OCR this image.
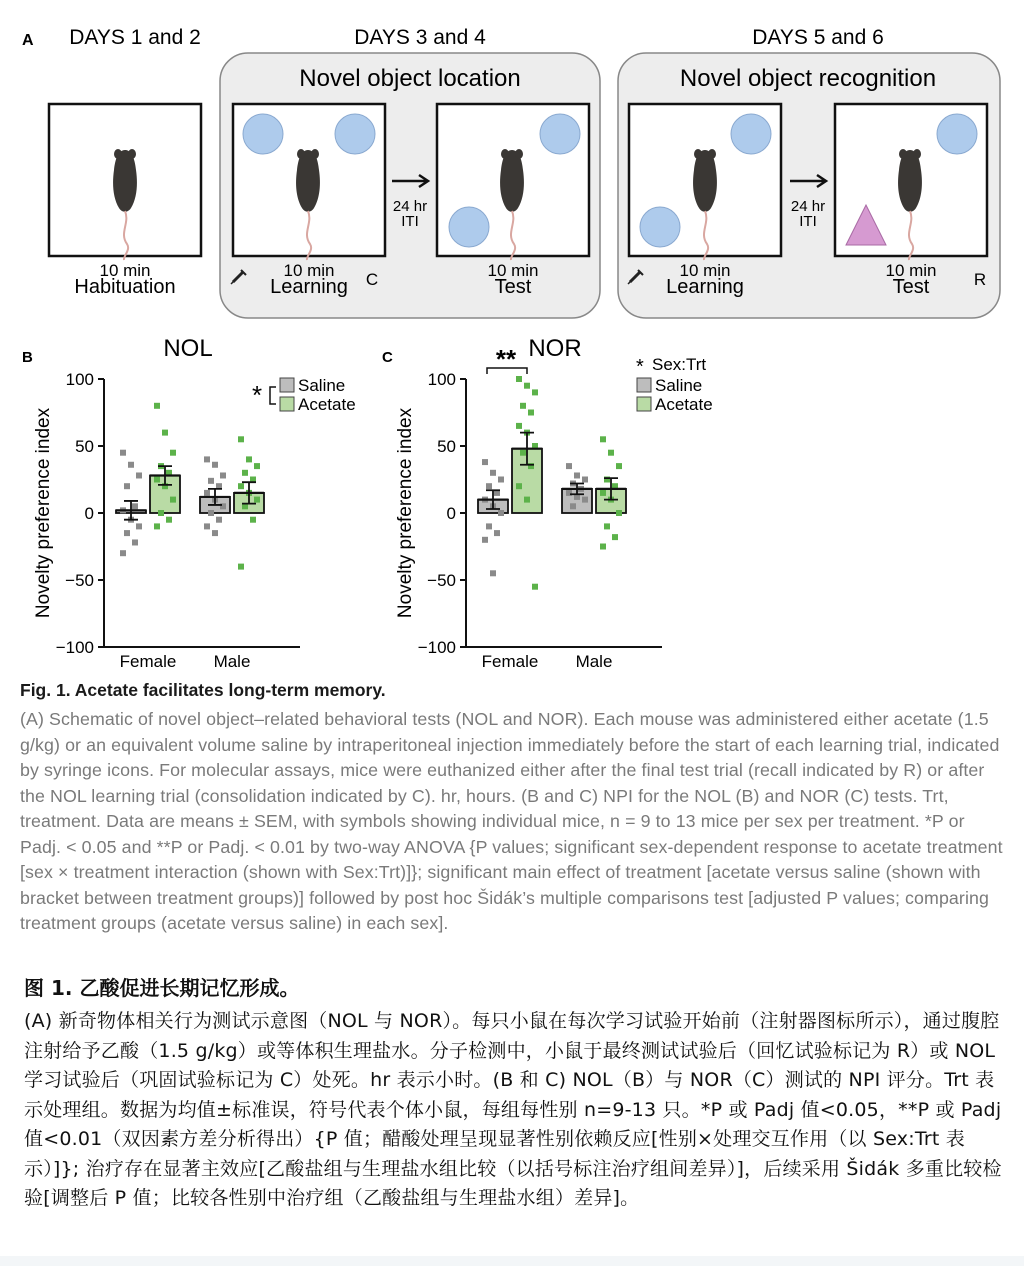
A DAYS 1 and 2	DAYS 3 and 4	DAYS 5 and 6
10 min
Habituation
Novel object location
10 min
Learning C
24 hr
ITI
10 min
Test
Novel object recognition
10 min
Learning
24 hr
ITI
10 min
Test	R
B	NOL
100
50
0
−50
−100
Novelty preference index
Female Male
* Saline
Acetate
C	NOR
**
100
50
0
−50
−100
Novelty preference index
Female Male
* Sex:Trt
Saline
Acetate
Fig. 1. Acetate facilitates long-term memory.
(A) Schematic of novel object–related behavioral tests (NOL and NOR). Each mouse was administered either acetate (1.5 g/kg) or an equivalent volume saline by intraperitoneal injection immediately before the start of each learning trial, indicated by syringe icons. For molecular assays, mice were euthanized either after the final test trial (recall indicated by R) or after the NOL learning trial (consolidation indicated by C). hr, hours. (B and C) NPI for the NOL (B) and NOR (C) tests. Trt, treatment. Data are means ± SEM, with symbols showing individual mice, n = 9 to 13 mice per sex per treatment. *P or Padj. < 0.05 and **P or Padj. < 0.01 by two-way ANOVA {P values; significant sex-dependent response to acetate treatment [sex × treatment interaction (shown with Sex:Trt)]}; significant main effect of treatment [acetate versus saline (shown with bracket between treatment groups)] followed by post hoc Šidák’s multiple comparisons test [adjusted P values; comparing treatment groups (acetate versus saline) in each sex].
图 1. 乙酸促进长期记忆形成。
(A) 新奇物体相关行为测试示意图（NOL 与 NOR）。每只小鼠在每次学习试验开始前（注射器图标所示），通过腹腔注射给予乙酸（1.5 g/kg）或等体积生理盐水。分子检测中，小鼠于最终测试试验后（回忆试验标记为 R）或 NOL 学习试验后（巩固试验标记为 C）处死。hr 表示小时。(B 和 C) NOL（B）与 NOR（C）测试的 NPI 评分。Trt 表示处理组。数据为均值±标准误，符号代表个体小鼠，每组每性别 n=9-13 只。*P 或 Padj 值<0.05，**P 或 Padj 值<0.01（双因素方差分析得出）{P 值；醋酸处理呈现显著性别依赖反应[性别×处理交互作用（以 Sex:Trt 表示）]}; 治疗存在显著主效应[乙酸盐组与生理盐水组比较（以括号标注治疗组间差异）]，后续采用 Šidák 多重比较检验[调整后 P 值；比较各性别中治疗组（乙酸盐组与生理盐水组）差异]。
